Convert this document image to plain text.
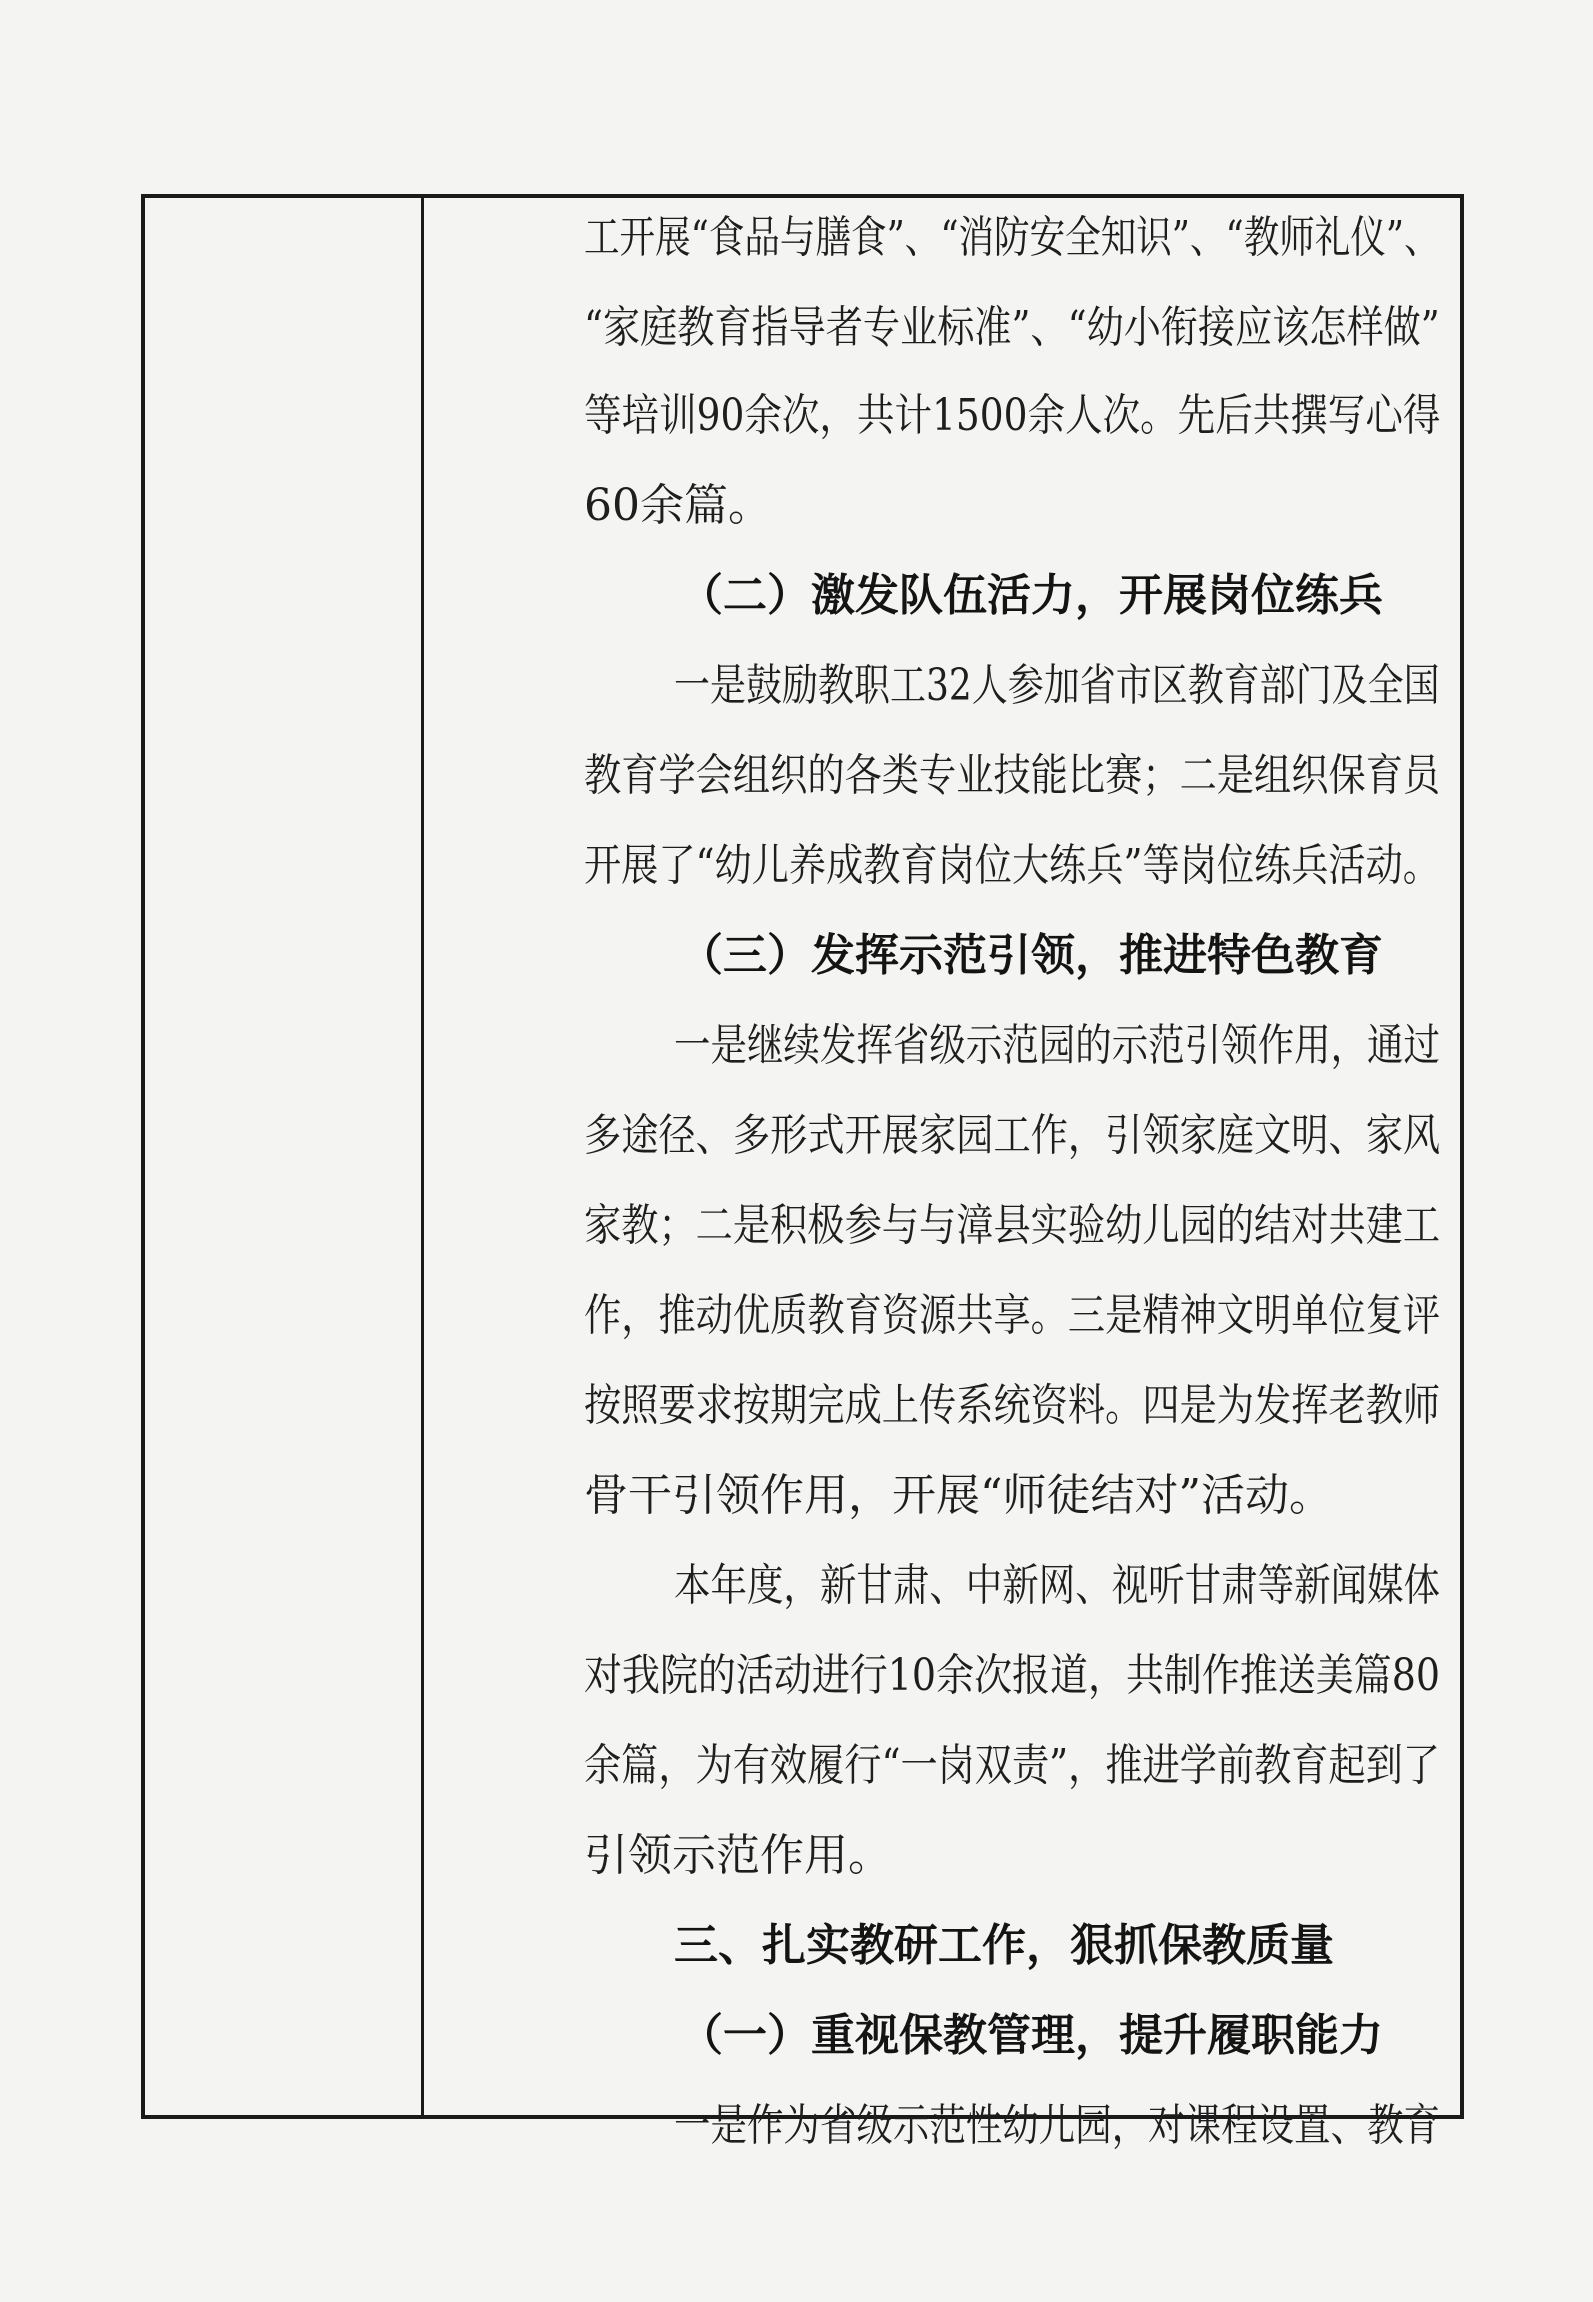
工开展“食品与膳食”、“消防安全知识”、“教师礼仪”、

“家庭教育指导者专业标准”、“幼小衔接应该怎样做”

等培训90余次，共计1500余人次。先后共撰写心得

60余篇。

（二）激发队伍活力，开展岗位练兵

一是鼓励教职工32人参加省市区教育部门及全国

教育学会组织的各类专业技能比赛；二是组织保育员

开展了“幼儿养成教育岗位大练兵”等岗位练兵活动。

（三）发挥示范引领，推进特色教育

一是继续发挥省级示范园的示范引领作用，通过

多途径、多形式开展家园工作，引领家庭文明、家风

家教；二是积极参与与漳县实验幼儿园的结对共建工

作，推动优质教育资源共享。三是精神文明单位复评

按照要求按期完成上传系统资料。四是为发挥老教师

骨干引领作用，开展“师徒结对”活动。

本年度，新甘肃、中新网、视听甘肃等新闻媒体

对我院的活动进行10余次报道，共制作推送美篇80

余篇，为有效履行“一岗双责”，推进学前教育起到了

引领示范作用。

三、扎实教研工作，狠抓保教质量

（一）重视保教管理，提升履职能力

一是作为省级示范性幼儿园，对课程设置、教育
